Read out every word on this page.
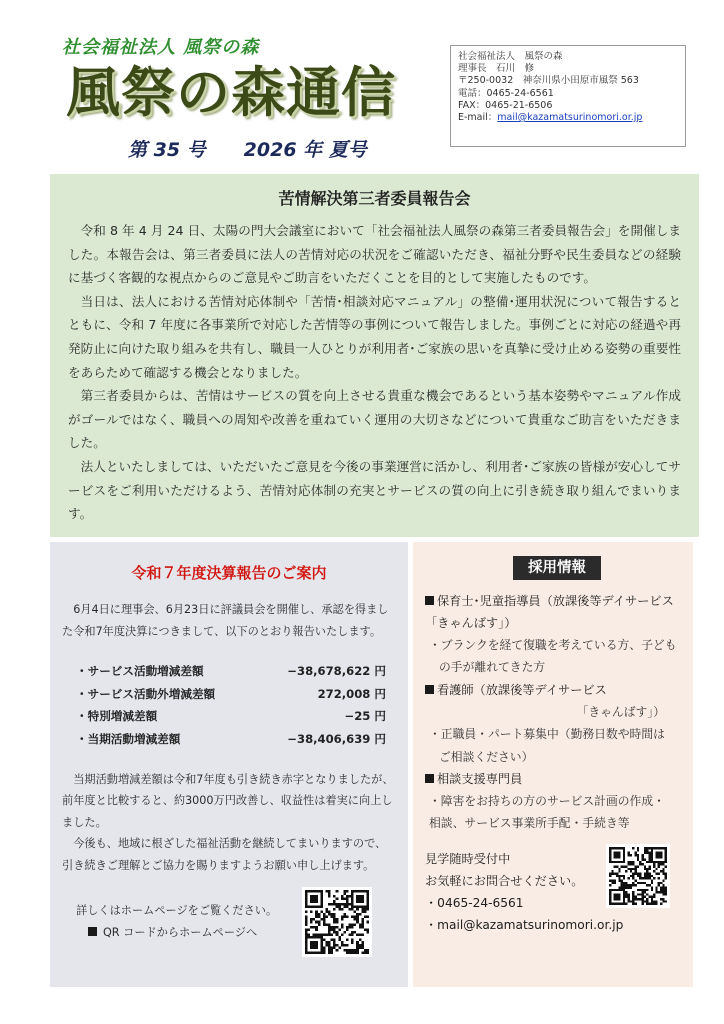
社会福祉法人 風祭の森
風祭の森通信
第 35 号 2026 年 夏号
社会福祉法人　風祭の森
理事長　石川　修
〒250-0032　神奈川県小田原市風祭 563
電話：0465-24-6561
FAX：0465-21-6506
E-mail：mail@kazamatsurinomori.or.jp
苦情解決第三者委員報告会

令和 8 年 4 月 24 日、太陽の門大会議室において「社会福祉法人風祭の森第三者委員報告会」を開催しました。本報告会は、第三者委員に法人の苦情対応の状況をご確認いただき、福祉分野や民生委員などの経験に基づく客観的な視点からのご意見やご助言をいただくことを目的として実施したものです。

当日は、法人における苦情対応体制や「苦情･相談対応マニュアル」の整備･運用状況について報告するとともに、令和 7 年度に各事業所で対応した苦情等の事例について報告しました。事例ごとに対応の経過や再発防止に向けた取り組みを共有し、職員一人ひとりが利用者･ご家族の思いを真摯に受け止める姿勢の重要性をあらためて確認する機会となりました。

第三者委員からは、苦情はサービスの質を向上させる貴重な機会であるという基本姿勢やマニュアル作成がゴールではなく、職員への周知や改善を重ねていく運用の大切さなどについて貴重なご助言をいただきました。

法人といたしましては、いただいたご意見を今後の事業運営に活かし、利用者･ご家族の皆様が安心してサービスをご利用いただけるよう、苦情対応体制の充実とサービスの質の向上に引き続き取り組んでまいります。

令和７年度決算報告のご案内

6月4日に理事会、6月23日に評議員会を開催し、承認を得ました令和7年度決算につきまして、以下のとおり報告いたします。

・サービス活動増減差額	−38,678,622 円
・サービス活動外増減差額	272,008 円
・特別増減差額	−25 円
・当期活動増減差額	−38,406,639 円

当期活動増減差額は令和7年度も引き続き赤字となりましたが、前年度と比較すると、約3000万円改善し、収益性は着実に向上しました。

今後も、地域に根ざした福祉活動を継続してまいりますので、引き続きご理解とご協力を賜りますようお願い申し上げます。

詳しくはホームページをご覧ください。
QR コードからホームページへ
採用情報
保育士･児童指導員（放課後等デイサービス「きゃんばす」）
・ブランクを経て復職を考えている方、子ども
の手が離れてきた方
看護師（放課後等デイサービス
「きゃんばす」）
・正職員・パート募集中（勤務日数や時間は
ご相談ください）
相談支援専門員
・障害をお持ちの方のサービス計画の作成・
相談、サービス事業所手配・手続き等
見学随時受付中
お気軽にお問合せください。
・0465-24-6561
・mail@kazamatsurinomori.or.jp
